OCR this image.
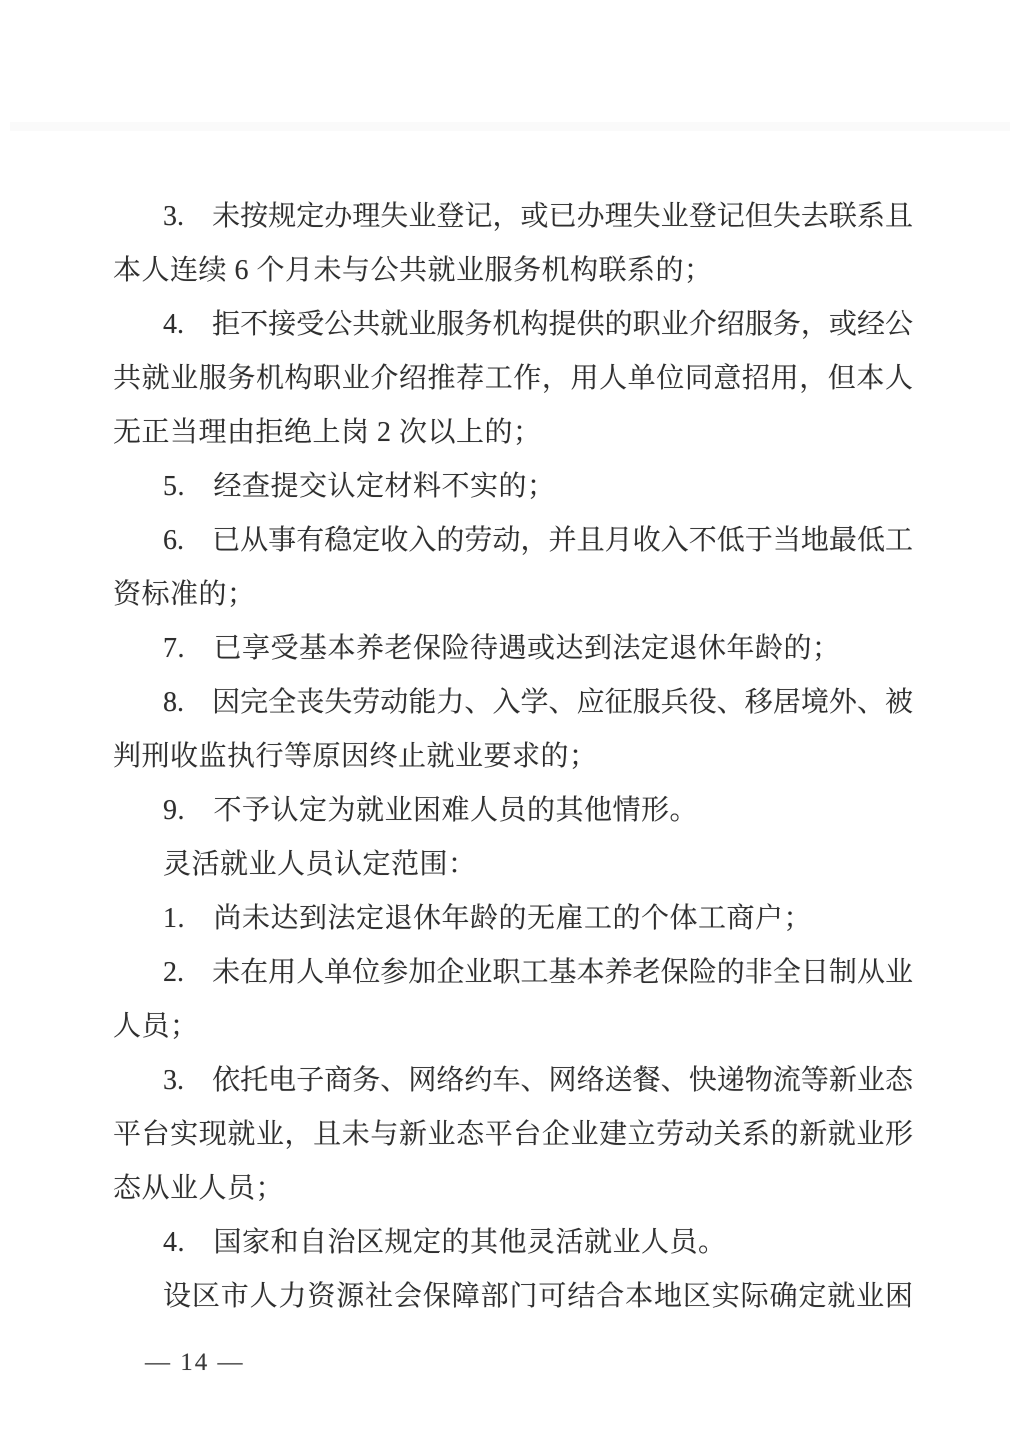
3.　未按规定办理失业登记，或已办理失业登记但失去联系且
本人连续 6 个月未与公共就业服务机构联系的；
4.　拒不接受公共就业服务机构提供的职业介绍服务，或经公
共就业服务机构职业介绍推荐工作，用人单位同意招用，但本人
无正当理由拒绝上岗 2 次以上的；
5.　经查提交认定材料不实的；
6.　已从事有稳定收入的劳动，并且月收入不低于当地最低工
资标准的；
7.　已享受基本养老保险待遇或达到法定退休年龄的；
8.　因完全丧失劳动能力、入学、应征服兵役、移居境外、被
判刑收监执行等原因终止就业要求的；
9.　不予认定为就业困难人员的其他情形。
灵活就业人员认定范围：
1.　尚未达到法定退休年龄的无雇工的个体工商户；
2.　未在用人单位参加企业职工基本养老保险的非全日制从业
人员；
3.　依托电子商务、网络约车、网络送餐、快递物流等新业态
平台实现就业，且未与新业态平台企业建立劳动关系的新就业形
态从业人员；
4.　国家和自治区规定的其他灵活就业人员。
设区市人力资源社会保障部门可结合本地区实际确定就业困
— 14 —
